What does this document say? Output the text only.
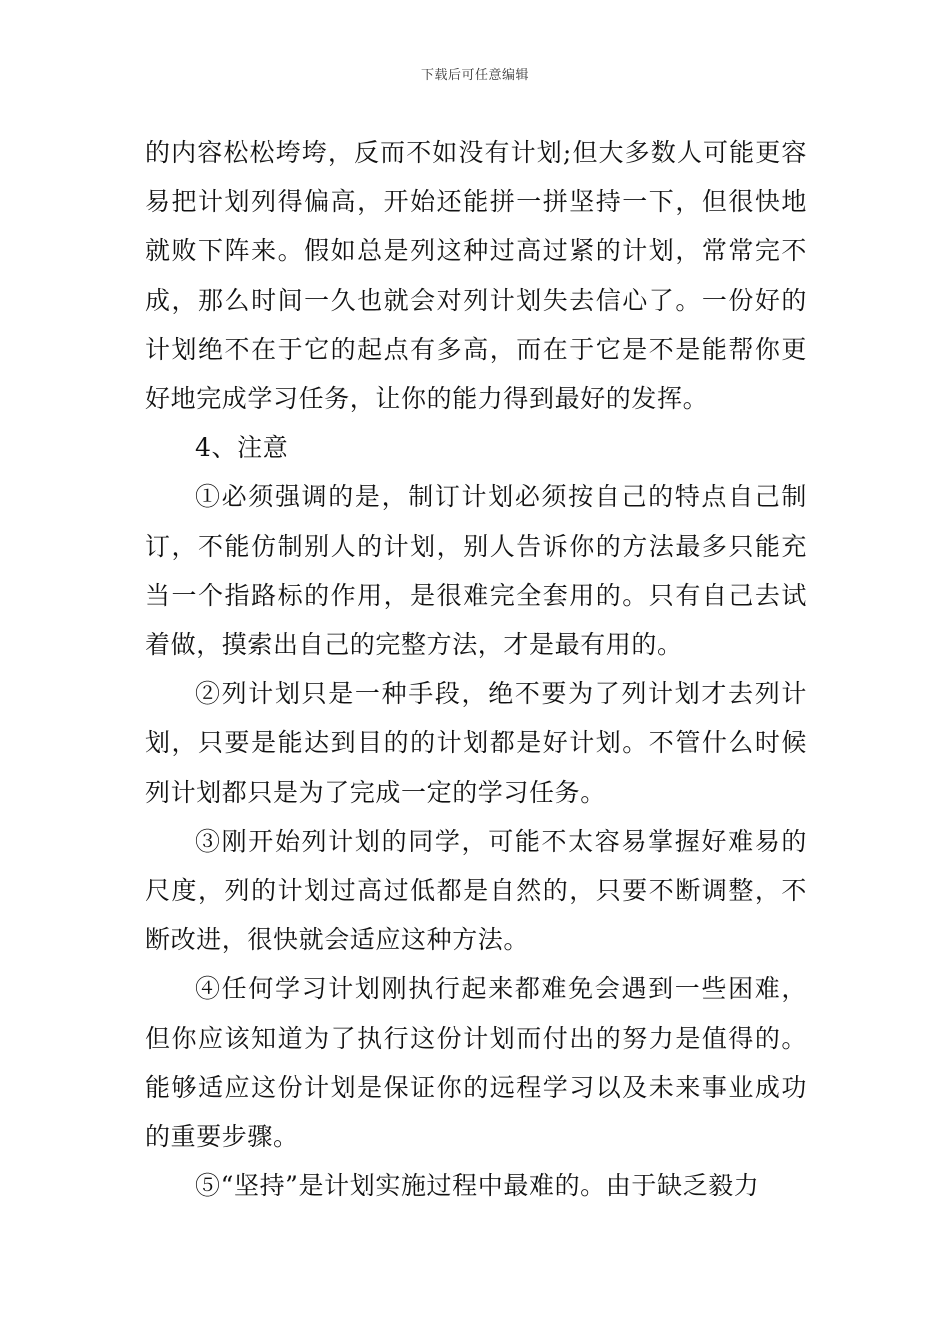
下载后可任意编辑

的内容松松垮垮，反而不如没有计划;但大多数人可能更容易把计划列得偏高，开始还能拼一拼坚持一下，但很快地就败下阵来。假如总是列这种过高过紧的计划，常常完不成，那么时间一久也就会对列计划失去信心了。一份好的计划绝不在于它的起点有多高，而在于它是不是能帮你更好地完成学习任务，让你的能力得到最好的发挥。

4、注意

①必须强调的是，制订计划必须按自己的特点自己制订，不能仿制别人的计划，别人告诉你的方法最多只能充当一个指路标的作用，是很难完全套用的。只有自己去试着做，摸索出自己的完整方法，才是最有用的。

②列计划只是一种手段，绝不要为了列计划才去列计划，只要是能达到目的的计划都是好计划。不管什么时候列计划都只是为了完成一定的学习任务。

③刚开始列计划的同学，可能不太容易掌握好难易的尺度，列的计划过高过低都是自然的，只要不断调整，不断改进，很快就会适应这种方法。

④任何学习计划刚执行起来都难免会遇到一些困难，但你应该知道为了执行这份计划而付出的努力是值得的。能够适应这份计划是保证你的远程学习以及未来事业成功的重要步骤。

⑤“坚持”是计划实施过程中最难的。由于缺乏毅力
